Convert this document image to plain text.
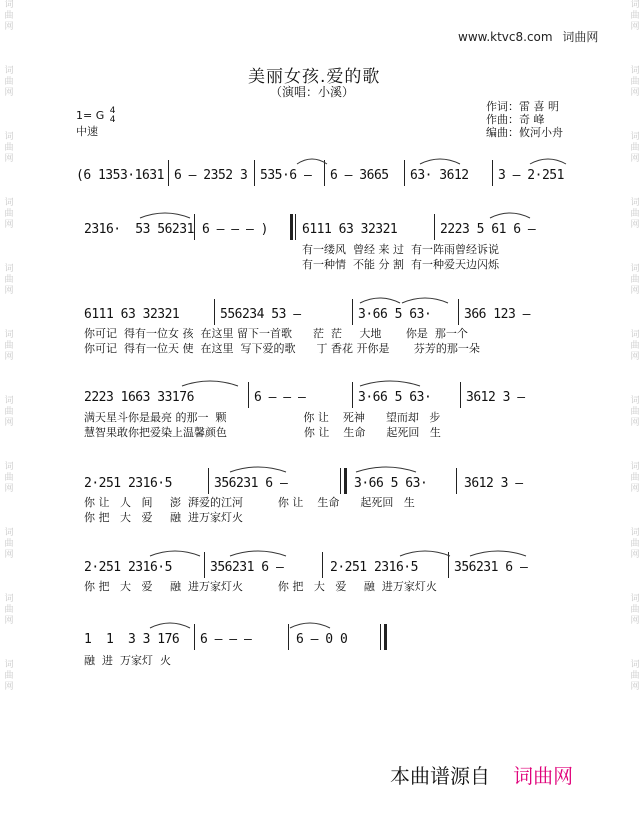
词
曲
网

词
曲
网

词
曲
网

词
曲
网

词
曲
网

词
曲
网

词
曲
网

词
曲
网

词
曲
网

词
曲
网

词
曲
网
词
曲
网

词
曲
网

词
曲
网

词
曲
网

词
曲
网

词
曲
网

词
曲
网

词
曲
网

词
曲
网

词
曲
网

词
曲
网
www.ktvc8.com 词曲网
美丽女孩.爱的歌
（演唱：小溪）
1= G 4
4
中速
作词：雷 喜 明
作曲：奇 峰
编曲：攸河小舟
(6 1353·1631 6 – 2352 3 535·6 – 6 – 3665 63· 3612 3 – 2·251
2316·  53 56231 6 – – – )	6111 63 32321	2223 5 61 6 –
有一缕风  曾经 来 过  有一阵雨曾经诉说
有一种情  不能 分 割  有一种爱天边闪烁
6111 63 32321	556234 53 –	3·66 5 63·	366 123 –
你可记  得有一位女 孩  在这里 留下一首歌      茫  茫     大地       你是  那一个
你可记  得有一位天 使  在这里  写下爱的歌      丁 香花 开你是       芬芳的那一朵
2223 1663 33176	6 – – –	3·66 5 63·	3612 3 –
满天星斗你是最亮 的那一  颗                      你 让    死神      望而却   步
慧智果敢你把爱染上温馨颜色                      你 让    生命      起死回   生
2·251 2316·5	356231 6 –	3·66 5 63·	3612 3 –
你 让   人   间     澎  湃爱的江河          你 让    生命      起死回   生
你 把   大   爱     融  进万家灯火
2·251 2316·5	356231 6 –	2·251 2316·5	356231 6 –
你 把   大   爱     融  进万家灯火          你 把   大   爱     融  进万家灯火
1  1  3 3 176 6 – – –	6 – 0 0
融  进  万家灯  火
本曲谱源自 词曲网
